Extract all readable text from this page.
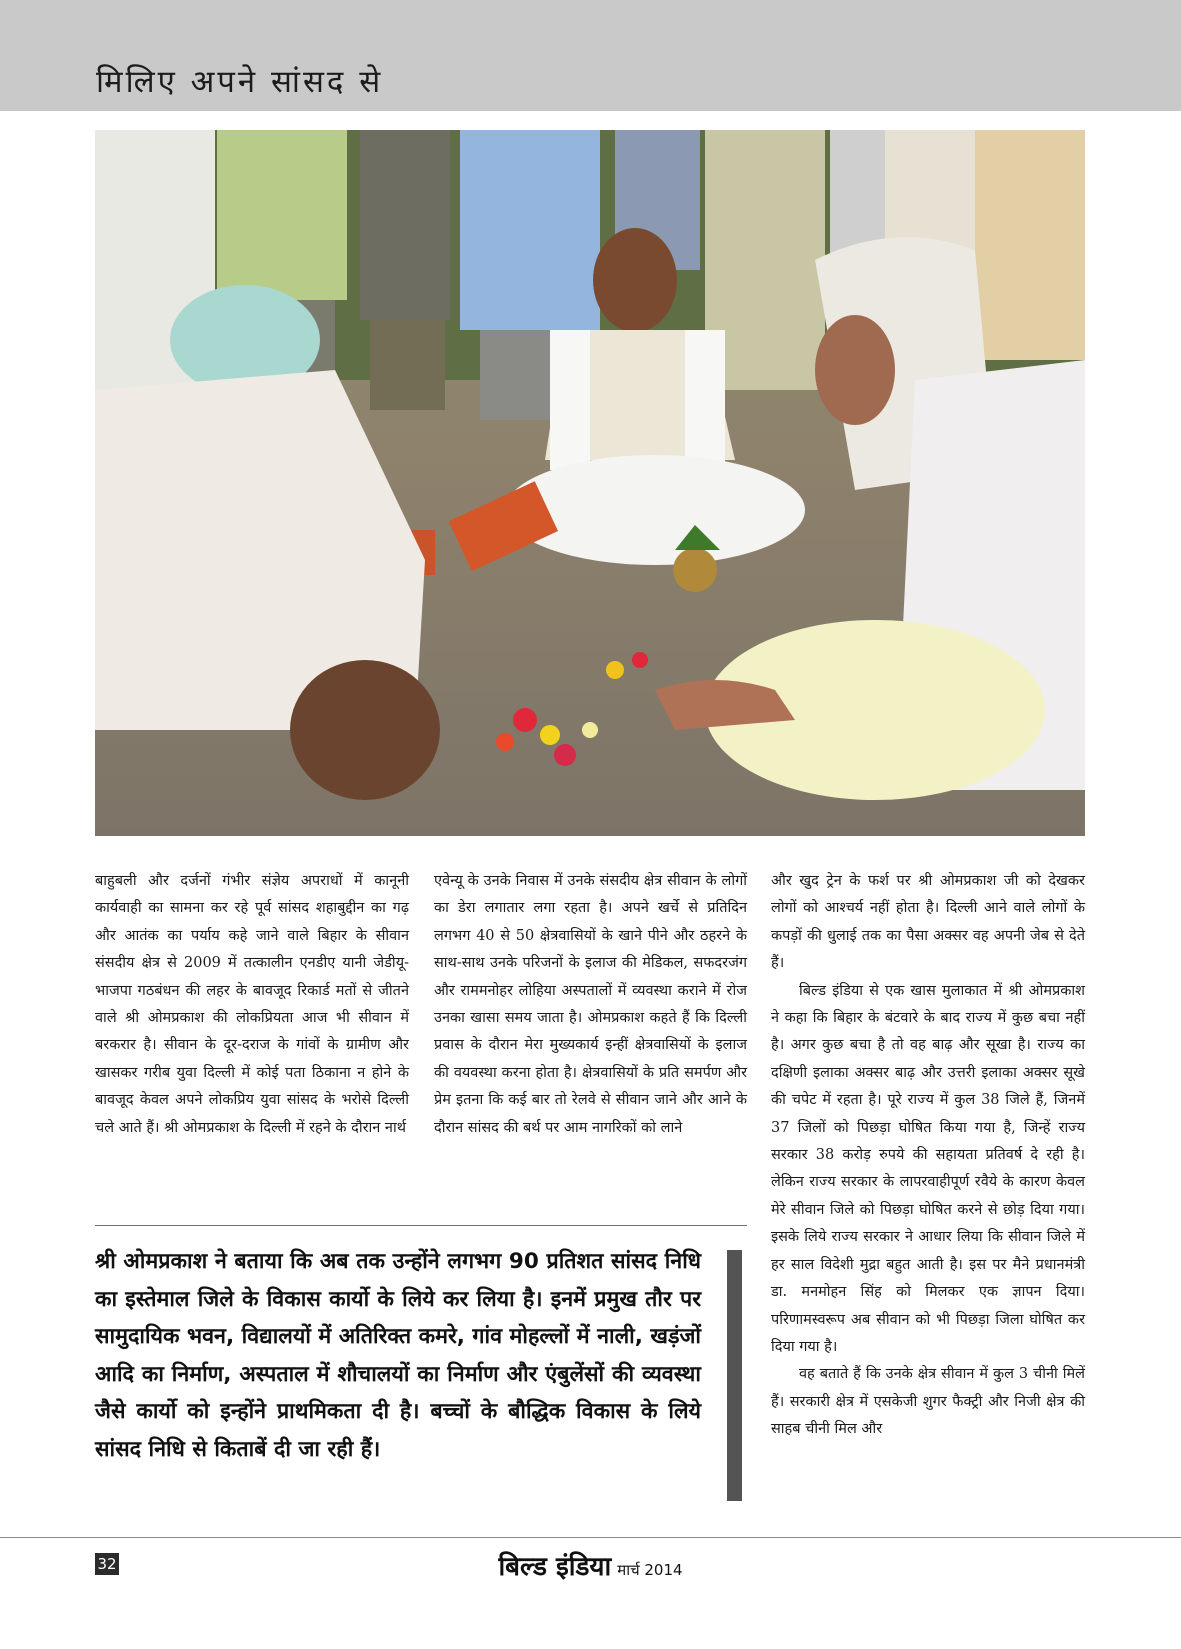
मिलिए अपने सांसद से

बाहुबली और दर्जनों गंभीर संज्ञेय अपराधों में कानूनी कार्यवाही का सामना कर रहे पूर्व सांसद शहाबुद्दीन का गढ़ और आतंक का पर्याय कहे जाने वाले बिहार के सीवान संसदीय क्षेत्र से 2009 में तत्कालीन एनडीए यानी जेडीयू-भाजपा गठबंधन की लहर के बावजूद रिकार्ड मतों से जीतने वाले श्री ओमप्रकाश की लोकप्रियता आज भी सीवान में बरकरार है। सीवान के दूर-दराज के गांवों के ग्रामीण और खासकर गरीब युवा दिल्ली में कोई पता ठिकाना न होने के बावजूद केवल अपने लोकप्रिय युवा सांसद के भरोसे दिल्ली चले आते हैं। श्री ओमप्रकाश के दिल्ली में रहने के दौरान नार्थ

एवेन्यू के उनके निवास में उनके संसदीय क्षेत्र सीवान के लोगों का डेरा लगातार लगा रहता है। अपने खर्चे से प्रतिदिन लगभग 40 से 50 क्षेत्रवासियों के खाने पीने और ठहरने के साथ-साथ उनके परिजनों के इलाज की मेडिकल, सफदरजंग और राममनोहर लोहिया अस्पतालों में व्यवस्था कराने में रोज उनका खासा समय जाता है। ओमप्रकाश कहते हैं कि दिल्ली प्रवास के दौरान मेरा मुख्यकार्य इन्हीं क्षेत्रवासियों के इलाज की वयवस्था करना होता है। क्षेत्रवासियों के प्रति समर्पण और प्रेम इतना कि कई बार तो रेलवे से सीवान जाने और आने के दौरान सांसद की बर्थ पर आम नागरिकों को लाने

और खुद ट्रेन के फर्श पर श्री ओमप्रकाश जी को देखकर लोगों को आश्चर्य नहीं होता है। दिल्ली आने वाले लोगों के कपड़ों की धुलाई तक का पैसा अक्सर वह अपनी जेब से देते हैं।

बिल्ड इंडिया से एक खास मुलाकात में श्री ओमप्रकाश ने कहा कि बिहार के बंटवारे के बाद राज्य में कुछ बचा नहीं है। अगर कुछ बचा है तो वह बाढ़ और सूखा है। राज्य का दक्षिणी इलाका अक्सर बाढ़ और उत्तरी इलाका अक्सर सूखे की चपेट में रहता है। पूरे राज्य में कुल 38 जिले हैं, जिनमें 37 जिलों को पिछड़ा घोषित किया गया है, जिन्हें राज्य सरकार 38 करोड़ रुपये की सहायता प्रतिवर्ष दे रही है। लेकिन राज्य सरकार के लापरवाहीपूर्ण रवैये के कारण केवल मेरे सीवान जिले को पिछड़ा घोषित करने से छोड़ दिया गया। इसके लिये राज्य सरकार ने आधार लिया कि सीवान जिले में हर साल विदेशी मुद्रा बहुत आती है। इस पर मैने प्रधानमंत्री डा. मनमोहन सिंह को मिलकर एक ज्ञापन दिया। परिणामस्वरूप अब सीवान को भी पिछड़ा जिला घोषित कर दिया गया है।

वह बताते हैं कि उनके क्षेत्र सीवान में कुल 3 चीनी मिलें हैं। सरकारी क्षेत्र में एसकेजी शुगर फैक्ट्री और निजी क्षेत्र की साहब चीनी मिल और

श्री ओमप्रकाश ने बताया कि अब तक उन्होंने लगभग 90 प्रतिशत सांसद निधि का इस्तेमाल जिले के विकास कार्यो के लिये कर लिया है। इनमें प्रमुख तौर पर सामुदायिक भवन, विद्यालयों में अतिरिक्त कमरे, गांव मोहल्लों में नाली, खड़ंजों आदि का निर्माण, अस्पताल में शौचालयों का निर्माण और एंबुलेंसों की व्यवस्था जैसे कार्यो को इन्होंने प्राथमिकता दी है। बच्चों के बौद्धिक विकास के लिये सांसद निधि से किताबें दी जा रही हैं।

32	बिल्ड इंडिया मार्च 2014
